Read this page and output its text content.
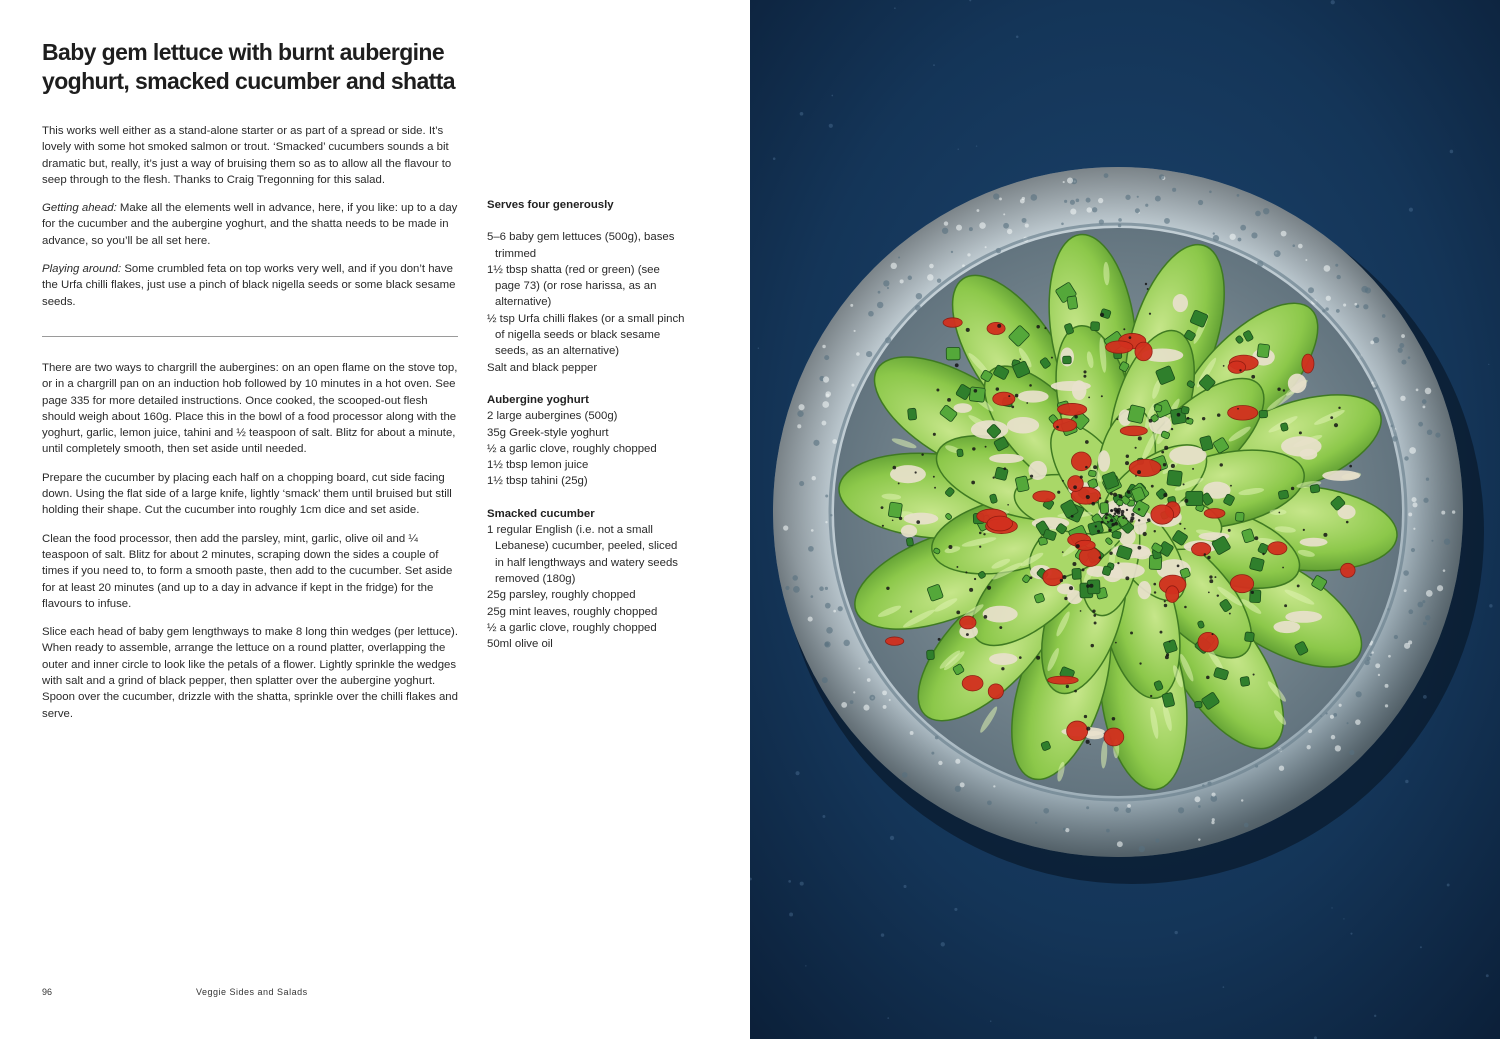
Baby gem lettuce with burnt aubergine yoghurt, smacked cucumber and shatta

This works well either as a stand-alone starter or as part of a spread or side. It’s lovely with some hot smoked salmon or trout. ‘Smacked’ cucumbers sounds a bit dramatic but, really, it’s just a way of bruising them so as to allow all the flavour to seep through to the flesh. Thanks to Craig Tregonning for this salad.

Getting ahead: Make all the elements well in advance, here, if you like: up to a day for the cucumber and the aubergine yoghurt, and the shatta needs to be made in advance, so you’ll be all set here.

Playing around: Some crumbled feta on top works very well, and if you don’t have the Urfa chilli flakes, just use a pinch of black nigella seeds or some black sesame seeds.

There are two ways to chargrill the aubergines: on an open flame on the stove top, or in a chargrill pan on an induction hob followed by 10 minutes in a hot oven. See page 335 for more detailed instructions. Once cooked, the scooped-out flesh should weigh about 160g. Place this in the bowl of a food processor along with the yoghurt, garlic, lemon juice, tahini and ½ teaspoon of salt. Blitz for about a minute, until completely smooth, then set aside until needed.

Prepare the cucumber by placing each half on a chopping board, cut side facing down. Using the flat side of a large knife, lightly ‘smack’ them until bruised but still holding their shape. Cut the cucumber into roughly 1cm dice and set aside.

Clean the food processor, then add the parsley, mint, garlic, olive oil and ¼ teaspoon of salt. Blitz for about 2 minutes, scraping down the sides a couple of times if you need to, to form a smooth paste, then add to the cucumber. Set aside for at least 20 minutes (and up to a day in advance if kept in the fridge) for the flavours to infuse.

Slice each head of baby gem lengthways to make 8 long thin wedges (per lettuce). When ready to assemble, arrange the lettuce on a round platter, overlapping the outer and inner circle to look like the petals of a flower. Lightly sprinkle the wedges with salt and a grind of black pepper, then splatter over the aubergine yoghurt. Spoon over the cucumber, drizzle with the shatta, sprinkle over the chilli flakes and serve.

Serves four generously

5–6 baby gem lettuces (500g), bases trimmed
1½ tbsp shatta (red or green) (see page 73) (or rose harissa, as an alternative)
½ tsp Urfa chilli flakes (or a small pinch of nigella seeds or black sesame seeds, as an alternative)
Salt and black pepper

Aubergine yoghurt

2 large aubergines (500g)
35g Greek-style yoghurt
½ a garlic clove, roughly chopped
1½ tbsp lemon juice
1½ tbsp tahini (25g)

Smacked cucumber

1 regular English (i.e. not a small Lebanese) cucumber, peeled, sliced in half lengthways and watery seeds removed (180g)
25g parsley, roughly chopped
25g mint leaves, roughly chopped
½ a garlic clove, roughly chopped
50ml olive oil
96	Veggie Sides and Salads
